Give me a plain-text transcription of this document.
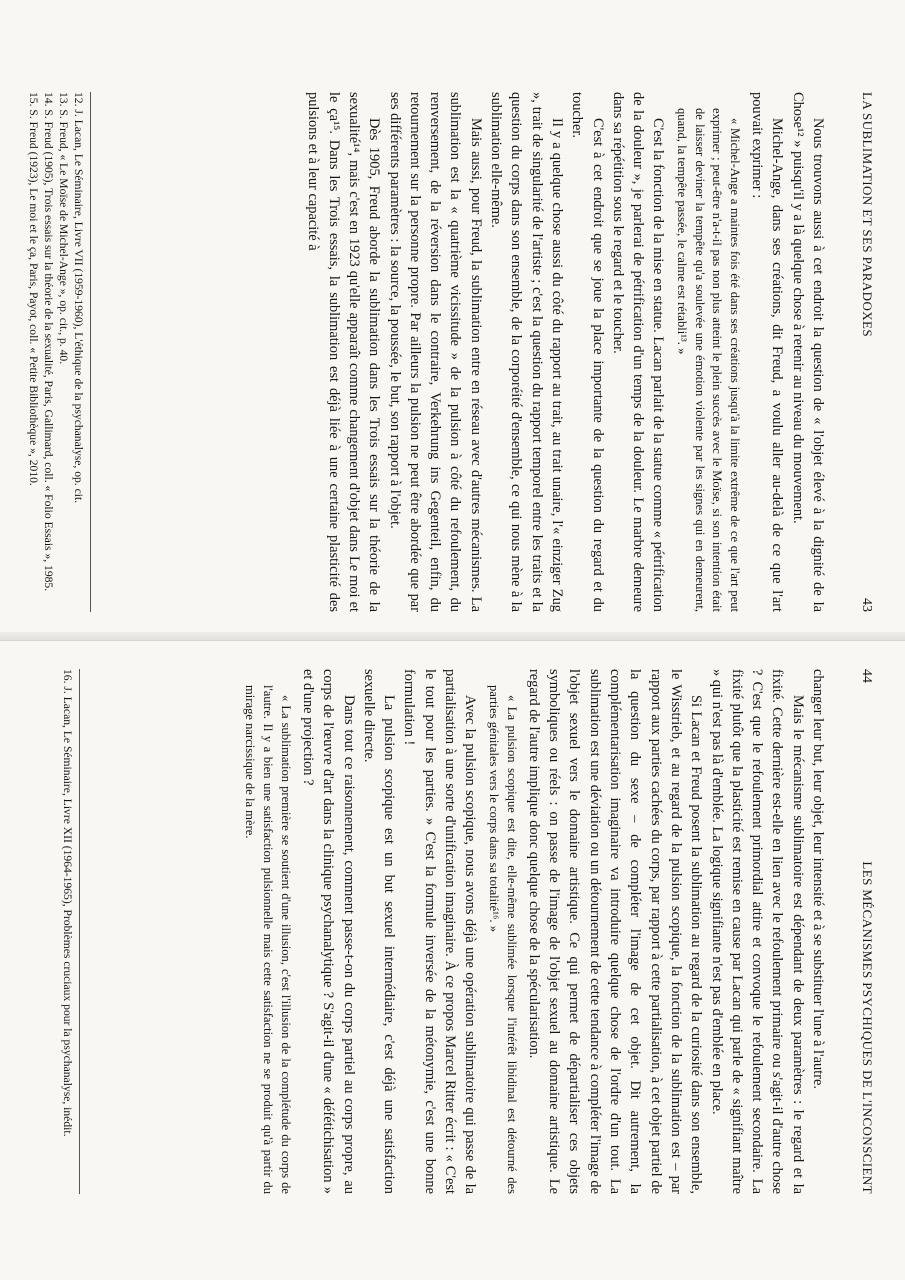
LA SUBLIMATION ET SES PARADOXES
43

Nous trouvons aussi à cet endroit la question de « l'objet élevé à la dignité de la Chose¹² » puisqu'il y a là quelque chose à retenir au niveau du mouvement.

Michel-Ange, dans ses créations, dit Freud, a voulu aller au-delà de ce que l'art pouvait exprimer :

« Michel-Ange a maintes fois été dans ses créations jusqu'à la limite extrême de ce que l'art peut exprimer ; peut-être n'a-t-il pas non plus atteint le plein succès avec le Moïse, si son intention était de laisser deviner la tempête qu'a soulevée une émotion violente par les signes qui en demeurent, quand, la tempête passée, le calme est rétabli¹³. »

C'est la fonction de la mise en statue. Lacan parlait de la statue comme « pétrification de la douleur », je parlerai de pétrification d'un temps de la douleur. Le marbre demeure dans sa répétition sous le regard et le toucher.

C'est à cet endroit que se joue la place importante de la question du regard et du toucher.

Il y a quelque chose aussi du côté du rapport au trait, au trait unaire, l'« einziger Zug », trait de singularité de l'artiste ; c'est la question du rapport temporel entre les traits et la question du corps dans son ensemble, de la corporéité d'ensemble, ce qui nous mène à la sublimation elle-même.

Mais aussi, pour Freud, la sublimation entre en réseau avec d'autres mécanismes. La sublimation est la « quatrième vicissitude » de la pulsion à côté du refoulement, du renversement, de la réversion dans le contraire, Verkehrung ins Gegenteil, enfin, du retournement sur la personne propre. Par ailleurs la pulsion ne peut être abordée que par ses différents paramètres : la source, la poussée, le but, son rapport à l'objet.

Dès 1905, Freud aborde la sublimation dans les Trois essais sur la théorie de la sexualité¹⁴, mais c'est en 1923 qu'elle apparaît comme changement d'objet dans Le moi et le ça¹⁵. Dans les Trois essais, la sublimation est déjà liée à une certaine plasticité des pulsions et à leur capacité à

12. J. Lacan, Le Séminaire, Livre VII (1959-1960), L'éthique de la psychanalyse, op. cit.
13. S. Freud, « Le Moïse de Michel-Ange », op. cit., p. 40.
14. S. Freud (1905), Trois essais sur la théorie de la sexualité, Paris, Gallimard, coll. « Folio Essais », 1985.
15. S. Freud (1923), Le moi et le ça, Paris, Payot, coll. « Petite Bibliothèque », 2010.
44
LES MÉCANISMES PSYCHIQUES DE L'INCONSCIENT

changer leur but, leur objet, leur intensité et à se substituer l'une à l'autre.

Mais le mécanisme sublimatoire est dépendant de deux paramètres : le regard et la fixité. Cette dernière est-elle en lien avec le refoulement primaire ou s'agit-il d'autre chose ? C'est que le refoulement primordial attire et convoque le refoulement secondaire. La fixité plutôt que la plasticité est remise en cause par Lacan qui parle de « signifiant maître » qui n'est pas là d'emblée. La logique signifiante n'est pas d'emblée en place.

Si Lacan et Freud posent la sublimation au regard de la curiosité dans son ensemble, le Wisstrieb, et au regard de la pulsion scopique, la fonction de la sublimation est – par rapport aux parties cachées du corps, par rapport à cette partialisation, à cet objet partiel de la question du sexe – de compléter l'image de cet objet. Dit autrement, la complémentarisation imaginaire va introduire quelque chose de l'ordre d'un tout. La sublimation est une déviation ou un détournement de cette tendance à compléter l'image de l'objet sexuel vers le domaine artistique. Ce qui permet de départialiser ces objets symboliques ou réels : on passe de l'image de l'objet sexuel au domaine artistique. Le regard de l'autre implique donc quelque chose de la spécularisation.

« La pulsion scopique est dite, elle-même sublimée lorsque l'intérêt libidinal est détourné des parties génitales vers le corps dans sa totalité¹⁶. »

Avec la pulsion scopique, nous avons déjà une opération sublimatoire qui passe de la partialisation à une sorte d'unification imaginaire. À ce propos Marcel Ritter écrit : « C'est le tout pour les parties. » C'est la formule inversée de la métonymie, c'est une bonne formulation !

La pulsion scopique est un but sexuel intermédiaire, c'est déjà une satisfaction sexuelle directe.

Dans tout ce raisonnement, comment passe-t-on du corps partiel au corps propre, au corps de l'œuvre d'art dans la clinique psychanalytique ? S'agit-il d'une « défétichisation » et d'une projection ?

« La sublimation première se soutient d'une illusion, c'est l'illusion de la complétude du corps de l'autre. Il y a bien une satisfaction pulsionnelle mais cette satisfaction ne se produit qu'à partir du mirage narcissique de la mère.

16. J. Lacan, Le Séminaire, Livre XII (1964-1965), Problèmes cruciaux pour la psychanalyse, inédit.
